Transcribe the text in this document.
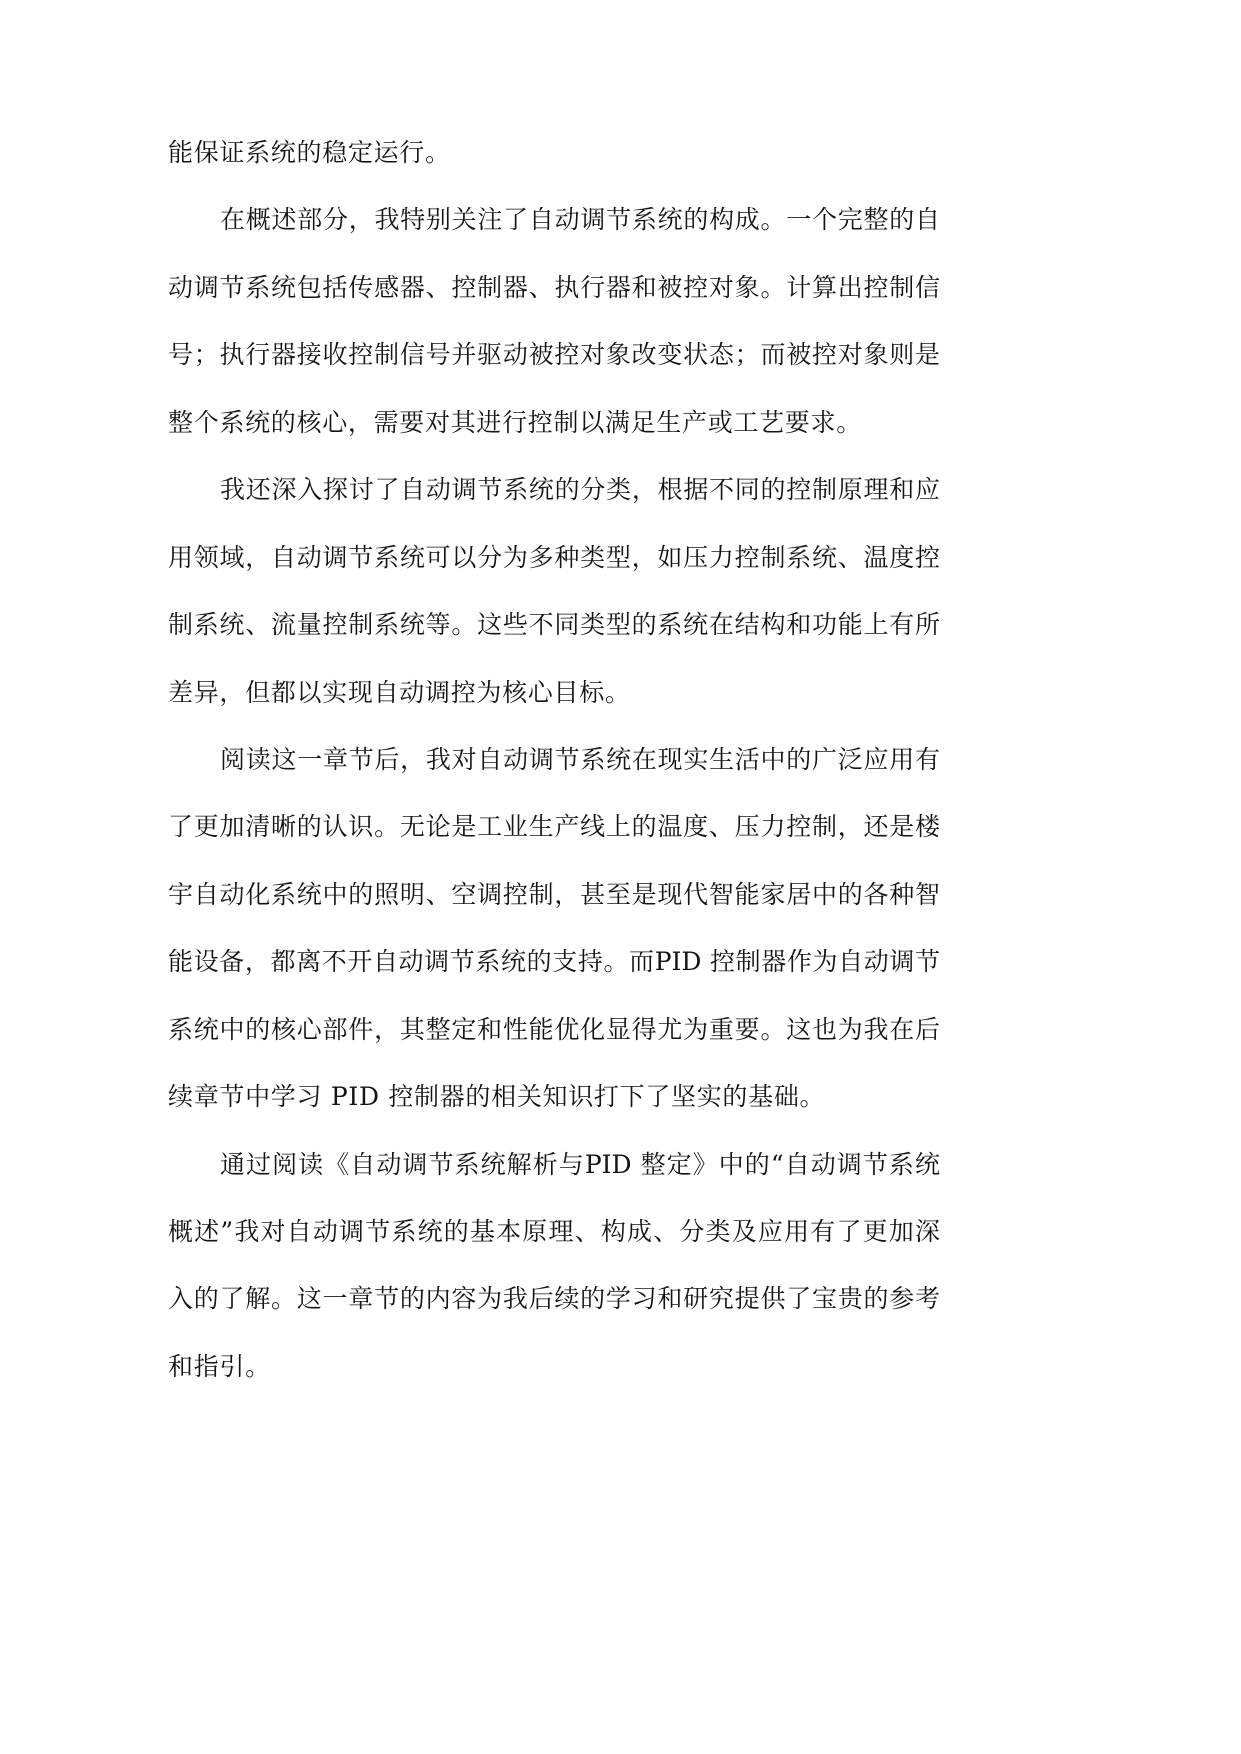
能保证系统的稳定运行。
在概述部分，我特别关注了自动调节系统的构成。一个完整的自
动调节系统包括传感器、控制器、执行器和被控对象。计算出控制信
号；执行器接收控制信号并驱动被控对象改变状态；而被控对象则是
整个系统的核心，需要对其进行控制以满足生产或工艺要求。
我还深入探讨了自动调节系统的分类，根据不同的控制原理和应
用领域，自动调节系统可以分为多种类型，如压力控制系统、温度控
制系统、流量控制系统等。这些不同类型的系统在结构和功能上有所
差异，但都以实现自动调控为核心目标。
阅读这一章节后，我对自动调节系统在现实生活中的广泛应用有
了更加清晰的认识。无论是工业生产线上的温度、压力控制，还是楼
宇自动化系统中的照明、空调控制，甚至是现代智能家居中的各种智
能设备，都离不开自动调节系统的支持。而PID 控制器作为自动调节
系统中的核心部件，其整定和性能优化显得尤为重要。这也为我在后
续章节中学习 PID 控制器的相关知识打下了坚实的基础。
通过阅读《自动调节系统解析与PID 整定》中的“自动调节系统
概述”我对自动调节系统的基本原理、构成、分类及应用有了更加深
入的了解。这一章节的内容为我后续的学习和研究提供了宝贵的参考
和指引。
